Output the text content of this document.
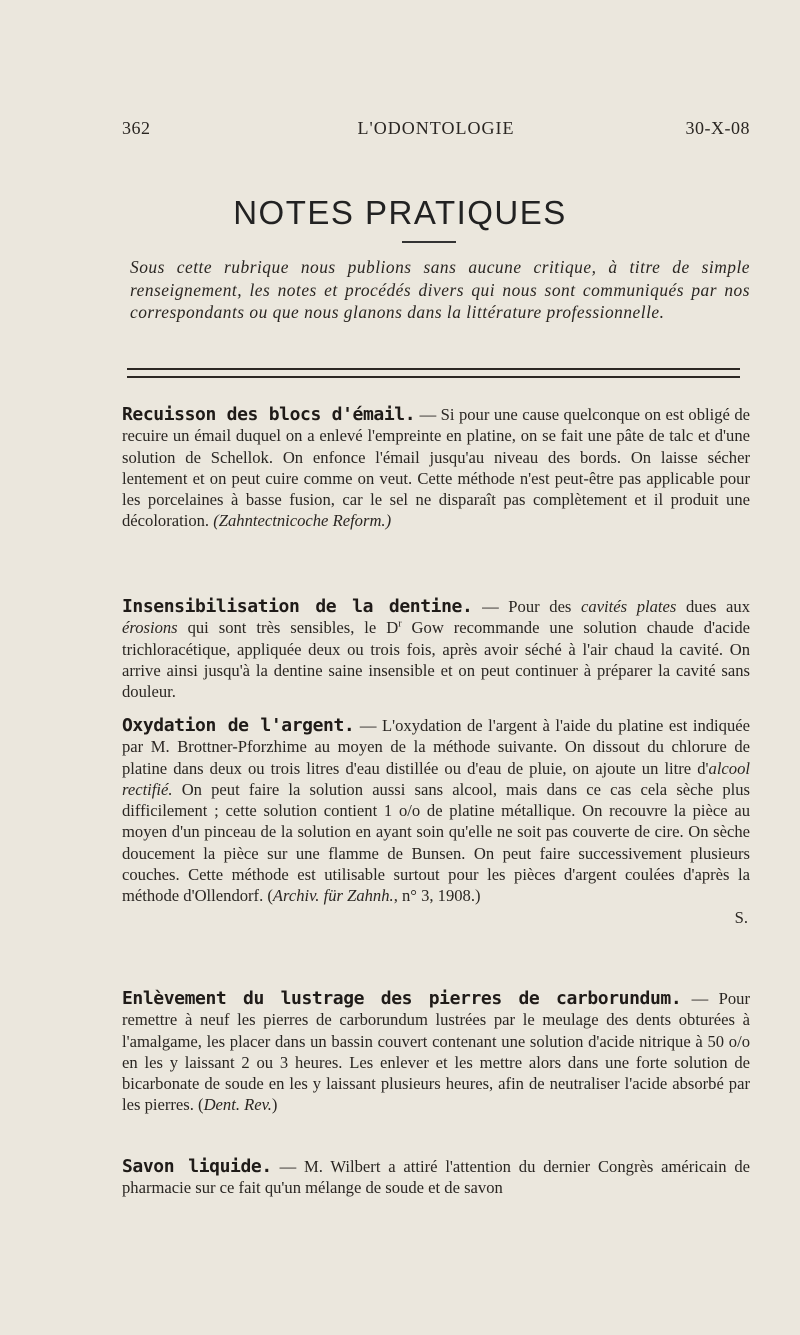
362	L'ODONTOLOGIE	30-X-08
NOTES PRATIQUES
Sous cette rubrique nous publions sans aucune critique, à titre de simple renseignement, les notes et procédés divers qui nous sont communiqués par nos correspondants ou que nous glanons dans la littérature professionnelle.
Recuisson des blocs d'émail. — Si pour une cause quelconque on est obligé de recuire un émail duquel on a enlevé l'empreinte en platine, on se fait une pâte de talc et d'une solution de Schellok. On enfonce l'émail jusqu'au niveau des bords. On laisse sécher lentement et on peut cuire comme on veut. Cette méthode n'est peut-être pas applicable pour les porcelaines à basse fusion, car le sel ne disparaît pas complètement et il produit une décoloration. (Zahntectnicoche Reform.)
Insensibilisation de la dentine. — Pour des cavités plates dues aux érosions qui sont très sensibles, le $D^r$ Gow recommande une solution chaude d'acide trichloracétique, appliquée deux ou trois fois, après avoir séché à l'air chaud la cavité. On arrive ainsi jusqu'à la dentine saine insensible et on peut continuer à préparer la cavité sans douleur.
Oxydation de l'argent. — L'oxydation de l'argent à l'aide du platine est indiquée par M. Brottner-Pforzhime au moyen de la méthode suivante. On dissout du chlorure de platine dans deux ou trois litres d'eau distillée ou d'eau de pluie, on ajoute un litre d'alcool rectifié. On peut faire la solution aussi sans alcool, mais dans ce cas cela sèche plus difficilement ; cette solution contient 1 o/o de platine métallique. On recouvre la pièce au moyen d'un pinceau de la solution en ayant soin qu'elle ne soit pas couverte de cire. On sèche doucement la pièce sur une flamme de Bunsen. On peut faire successivement plusieurs couches. Cette méthode est utilisable surtout pour les pièces d'argent coulées d'après la méthode d'Ollendorf. (Archiv. für Zahnh., n° 3, 1908.)
S.
Enlèvement du lustrage des pierres de carborundum. — Pour remettre à neuf les pierres de carborundum lustrées par le meulage des dents obturées à l'amalgame, les placer dans un bassin couvert contenant une solution d'acide nitrique à 50 o/o en les y laissant 2 ou 3 heures. Les enlever et les mettre alors dans une forte solution de bicarbonate de soude en les y laissant plusieurs heures, afin de neutraliser l'acide absorbé par les pierres. (Dent. Rev.)
Savon liquide. — M. Wilbert a attiré l'attention du dernier Congrès américain de pharmacie sur ce fait qu'un mélange de soude et de savon
